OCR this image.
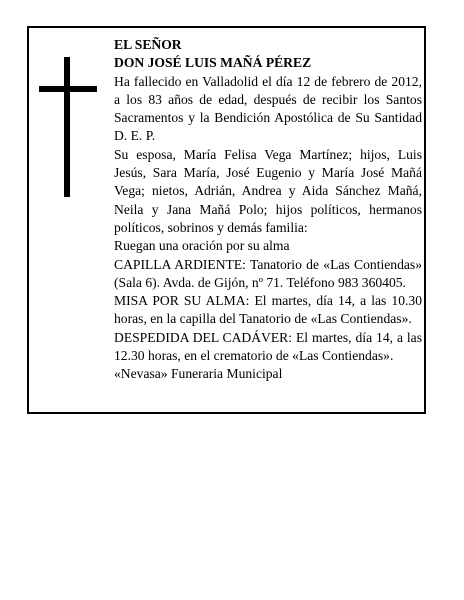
EL SEÑOR

DON JOSÉ LUIS MAÑÁ PÉREZ

Ha fallecido en Valladolid el día 12 de febrero de 2012, a los 83 años de edad, después de recibir los Santos Sacramentos y la Bendición Apostólica de Su Santidad D. E. P.

Su esposa, María Felisa Vega Martínez; hijos, Luis Jesús, Sara María, José Eugenio y María José Mañá Vega; nietos, Adrián, Andrea y Aida Sánchez Mañá, Neila y Jana Mañá Polo; hijos políticos, hermanos políticos, sobrinos y demás familia:

Ruegan una oración por su alma

CAPILLA ARDIENTE: Tanatorio de «Las Contiendas» (Sala 6). Avda. de Gijón, nº 71. Teléfono 983 360405.

MISA POR SU ALMA: El martes, día 14, a las 10.30 horas, en la capilla del Tanatorio de «Las Contiendas».

DESPEDIDA DEL CADÁVER: El martes, día 14, a las 12.30 horas, en el crematorio de «Las Contiendas».

«Nevasa» Funeraria Municipal
